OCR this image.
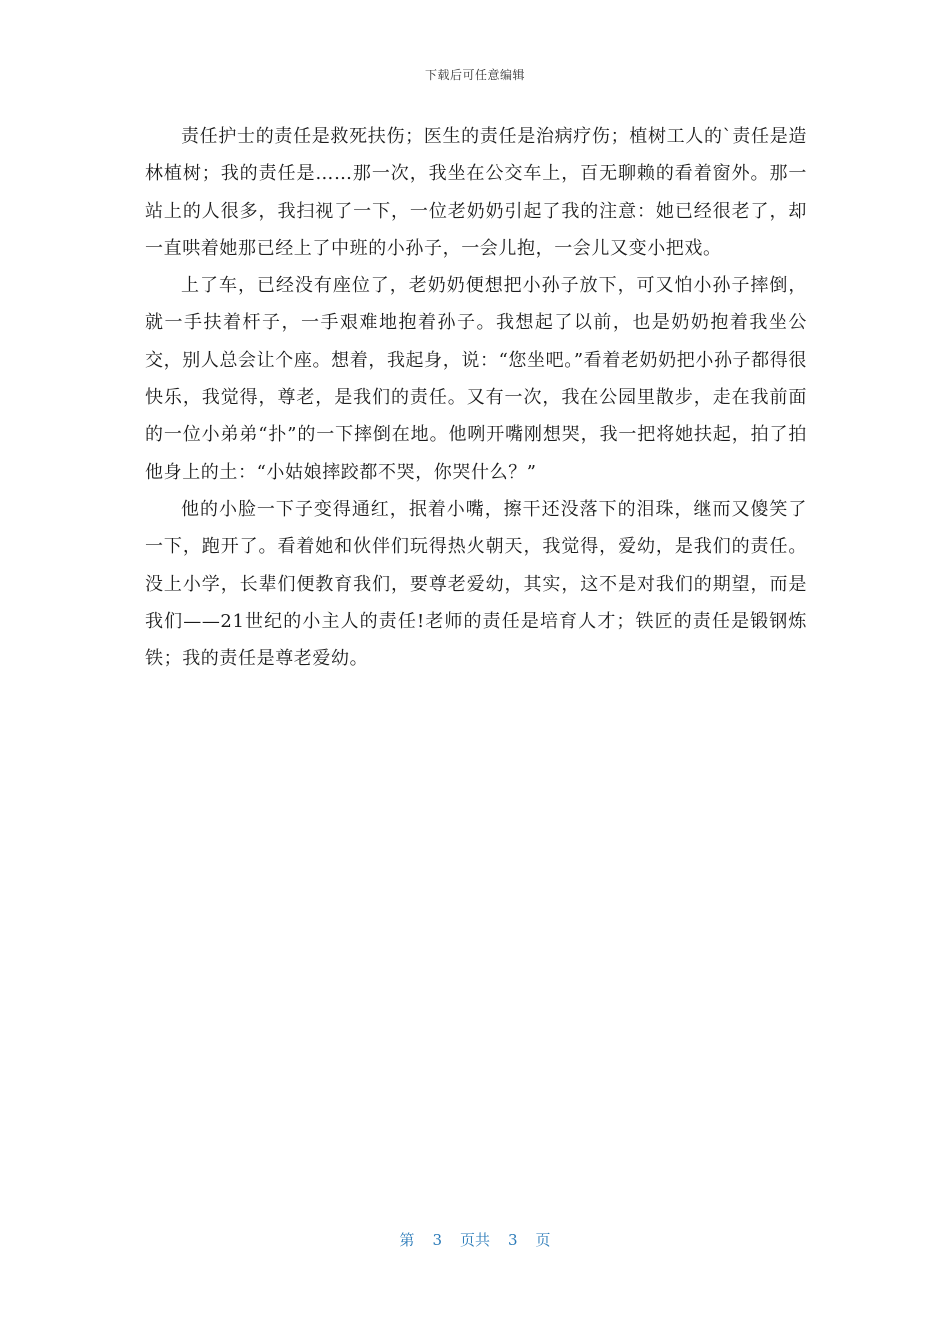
下载后可任意编辑

责任护士的责任是救死扶伤；医生的责任是治病疗伤；植树工人的`责任是造林植树；我的责任是……那一次，我坐在公交车上，百无聊赖的看着窗外。那一站上的人很多，我扫视了一下，一位老奶奶引起了我的注意：她已经很老了，却一直哄着她那已经上了中班的小孙子，一会儿抱，一会儿又变小把戏。

上了车，已经没有座位了，老奶奶便想把小孙子放下，可又怕小孙子摔倒，就一手扶着杆子，一手艰难地抱着孙子。我想起了以前，也是奶奶抱着我坐公交，别人总会让个座。想着，我起身，说：“您坐吧。”看着老奶奶把小孙子都得很快乐，我觉得，尊老，是我们的责任。又有一次，我在公园里散步，走在我前面的一位小弟弟“扑”的一下摔倒在地。他咧开嘴刚想哭，我一把将她扶起，拍了拍他身上的土：“小姑娘摔跤都不哭，你哭什么？”

他的小脸一下子变得通红，抿着小嘴，擦干还没落下的泪珠，继而又傻笑了一下，跑开了。看着她和伙伴们玩得热火朝天，我觉得，爱幼，是我们的责任。没上小学，长辈们便教育我们，要尊老爱幼，其实，这不是对我们的期望，而是我们——21世纪的小主人的责任!老师的责任是培育人才；铁匠的责任是锻钢炼铁；我的责任是尊老爱幼。

第 3 页共 3 页
